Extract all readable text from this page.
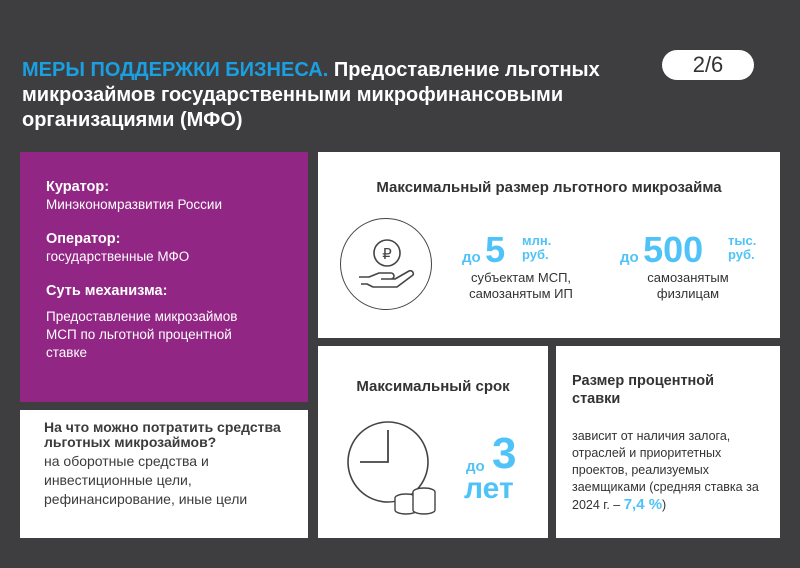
МЕРЫ ПОДДЕРЖКИ БИЗНЕСА. Предоставление льготных микрозаймов государственными микрофинансовыми организациями (МФО)
2/6
Куратор:
Минэкономразвития России
Оператор:
государственные МФО
Суть механизма:
Предоставление микрозаймов МСП по льготной процентной ставке
На что можно потратить средства льготных микрозаймов?
на оборотные средства и инвестиционные цели, рефинансирование, иные цели
Максимальный размер льготного микрозайма
₽	до 5 млн.
руб.
субъектам МСП, самозанятым ИП
до 500 тыс.
руб.
самозанятым физлицам
Максимальный срок
до 3
лет
Размер процентной ставки
зависит от наличия залога, отраслей и приоритетных проектов, реализуемых заемщиками (средняя ставка за 2024 г. – 7,4 %)
